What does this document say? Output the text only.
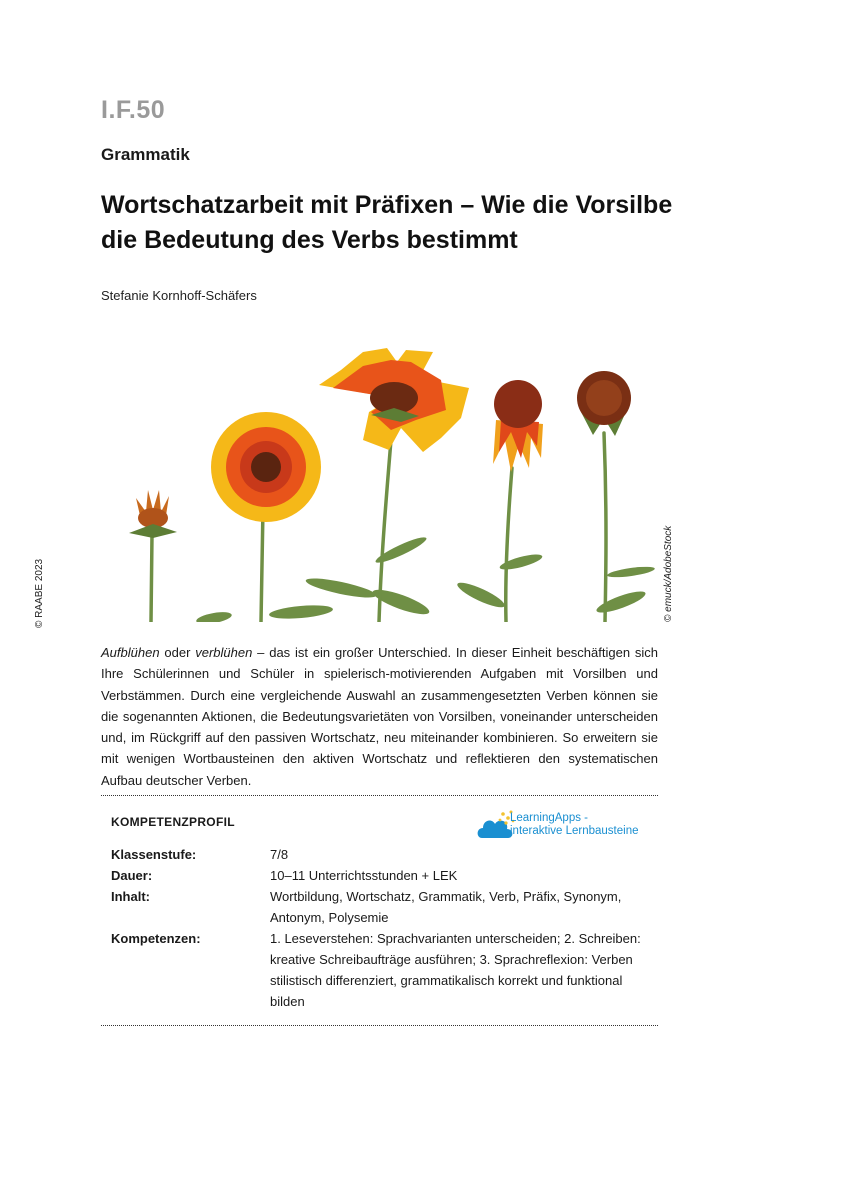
I.F.50
Grammatik
Wortschatzarbeit mit Präfixen – Wie die Vorsilbe die Bedeutung des Verbs bestimmt
Stefanie Kornhoff-Schäfers
© RAABE 2023	© emuck/AdobeStock

Aufblühen oder verblühen – das ist ein großer Unterschied. In dieser Einheit beschäftigen sich Ihre Schülerinnen und Schüler in spielerisch-motivierenden Aufgaben mit Vorsilben und Verbstämmen. Durch eine vergleichende Auswahl an zusammengesetzten Verben können sie die sogenannten Aktionen, die Bedeutungsvarietäten von Vorsilben, voneinander unterscheiden und, im Rückgriff auf den passiven Wortschatz, neu miteinander kombinieren. So erweitern sie mit wenigen Wortbausteinen den aktiven Wortschatz und reflektieren den systematischen Aufbau deutscher Verben.

KOMPETENZPROFIL	LearningApps -
interaktive Lernbausteine
Klassenstufe:	7/8
Dauer:	10–11 Unterrichtsstunden + LEK
Inhalt:	Wortbildung, Wortschatz, Grammatik, Verb, Präfix, Synonym, Antonym, Polysemie
Kompetenzen:	1. Leseverstehen: Sprachvarianten unterscheiden; 2. Schreiben: kreative Schreibaufträge ausführen; 3. Sprachreflexion: Verben stilistisch differenziert, grammatikalisch korrekt und funktional bilden
